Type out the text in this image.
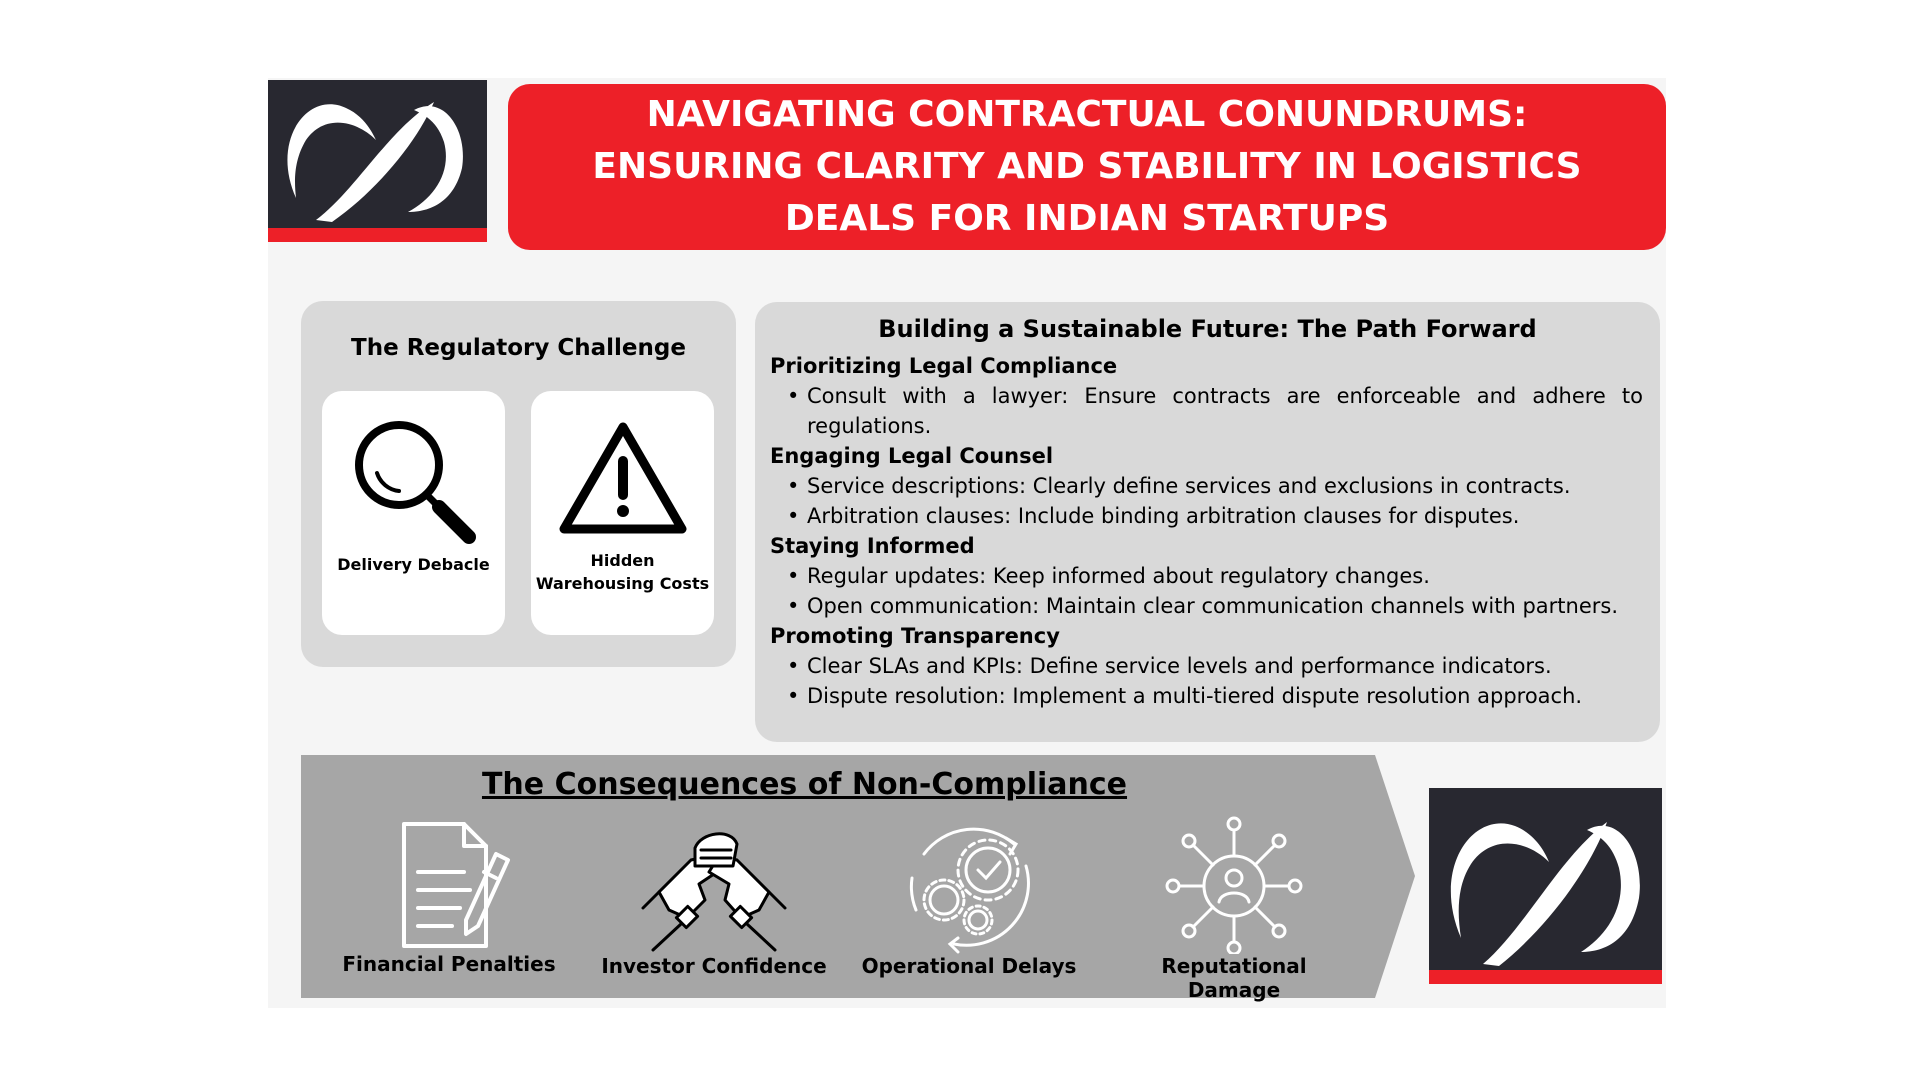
NAVIGATING CONTRACTUAL CONUNDRUMS: ENSURING CLARITY AND STABILITY IN LOGISTICS DEALS FOR INDIAN STARTUPS
The Regulatory Challenge
Delivery Debacle	Hidden Warehousing Costs
Building a Sustainable Future: The Path Forward
Prioritizing Legal Compliance
• Consult with a lawyer: Ensure contracts are enforceable and adhere to regulations.
Engaging Legal Counsel
• Service descriptions: Clearly define services and exclusions in contracts.
• Arbitration clauses: Include binding arbitration clauses for disputes.
Staying Informed
• Regular updates: Keep informed about regulatory changes.
• Open communication: Maintain clear communication channels with partners.
Promoting Transparency
• Clear SLAs and KPIs: Define service levels and performance indicators.
• Dispute resolution: Implement a multi-tiered dispute resolution approach.
The Consequences of Non-Compliance
Financial Penalties	Investor Confidence	Operational Delays	Reputational Damage
